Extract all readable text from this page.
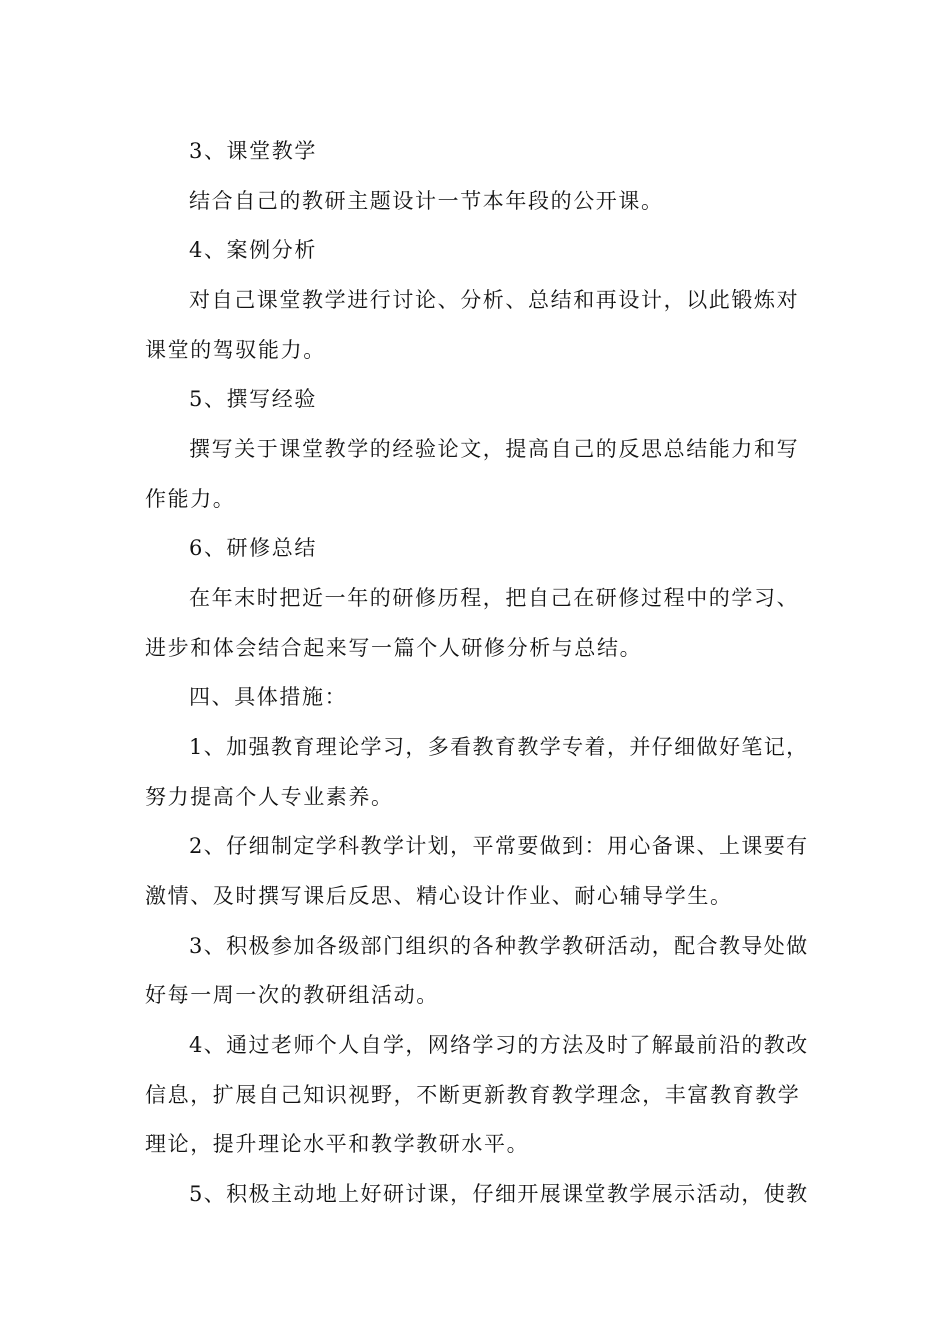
3、课堂教学
结合自己的教研主题设计一节本年段的公开课。
4、案例分析
对自己课堂教学进行讨论、分析、总结和再设计，以此锻炼对
课堂的驾驭能力。
5、撰写经验
撰写关于课堂教学的经验论文，提高自己的反思总结能力和写
作能力。
6、研修总结
在年末时把近一年的研修历程，把自己在研修过程中的学习、
进步和体会结合起来写一篇个人研修分析与总结。
四、具体措施：
1、加强教育理论学习，多看教育教学专着，并仔细做好笔记，
努力提高个人专业素养。
2、仔细制定学科教学计划，平常要做到：用心备课、上课要有
激情、及时撰写课后反思、精心设计作业、耐心辅导学生。
3、积极参加各级部门组织的各种教学教研活动，配合教导处做
好每一周一次的教研组活动。
4、通过老师个人自学，网络学习的方法及时了解最前沿的教改
信息，扩展自己知识视野，不断更新教育教学理念，丰富教育教学
理论，提升理论水平和教学教研水平。
5、积极主动地上好研讨课，仔细开展课堂教学展示活动，使教
